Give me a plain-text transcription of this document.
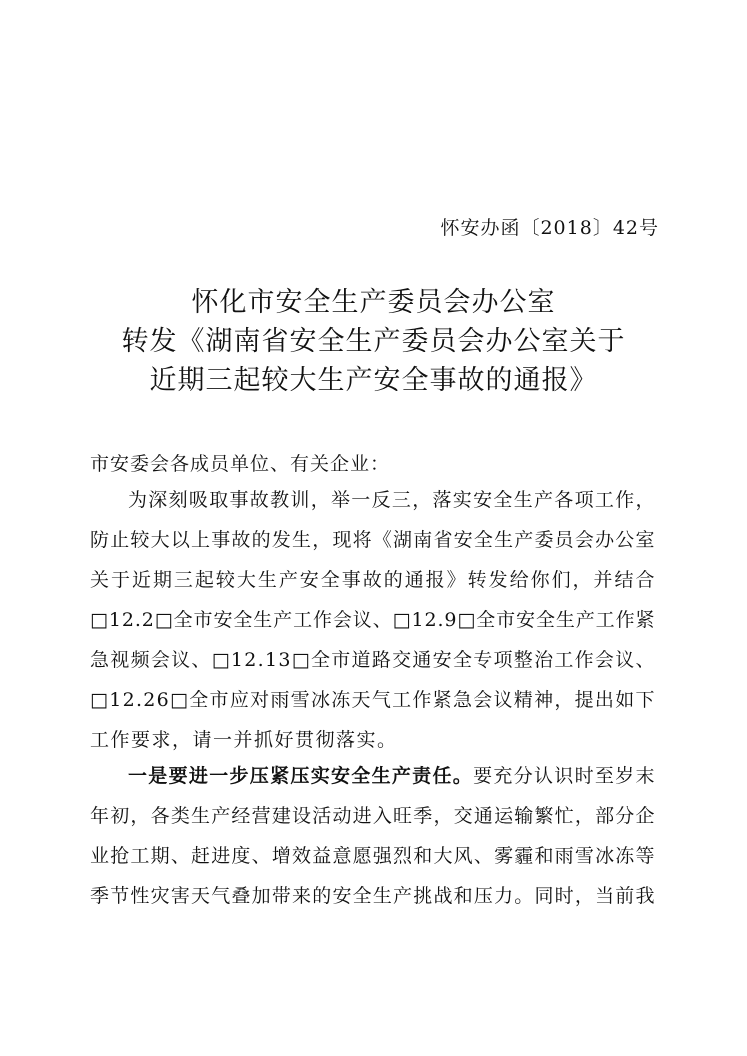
怀安办函〔2018〕42号
怀化市安全生产委员会办公室
转发《湖南省安全生产委员会办公室关于
近期三起较大生产安全事故的通报》
市安委会各成员单位、有关企业：
为深刻吸取事故教训，举一反三，落实安全生产各项工作，
防止较大以上事故的发生，现将《湖南省安全生产委员会办公室
关于近期三起较大生产安全事故的通报》转发给你们，并结合
□12.2□全市安全生产工作会议、□12.9□全市安全生产工作紧
急视频会议、□12.13□全市道路交通安全专项整治工作会议、
□12.26□全市应对雨雪冰冻天气工作紧急会议精神，提出如下
工作要求，请一并抓好贯彻落实。
一是要进一步压紧压实安全生产责任。要充分认识时至岁末
年初，各类生产经营建设活动进入旺季，交通运输繁忙，部分企
业抢工期、赶进度、增效益意愿强烈和大风、雾霾和雨雪冰冻等
季节性灾害天气叠加带来的安全生产挑战和压力。同时，当前我
